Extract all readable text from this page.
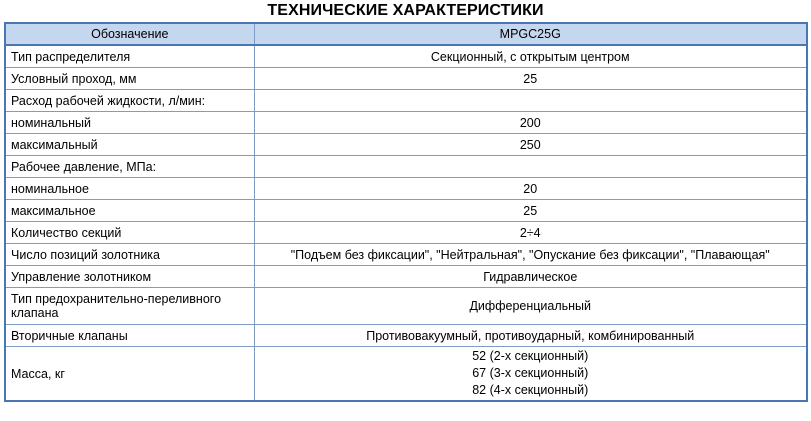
ТЕХНИЧЕСКИЕ ХАРАКТЕРИСТИКИ
Обозначение	MPGC25G
Тип распределителя	Секционный, с открытым центром
Условный проход, мм	25
Расход рабочей жидкости, л/мин:	
номинальный	200
максимальный	250
Рабочее давление, МПа:	
номинальное	20
максимальное	25
Количество секций	2÷4
Число позиций золотника	"Подъем без фиксации", "Нейтральная", "Опускание без фиксации", "Плавающая"
Управление золотником	Гидравлическое
Тип предохранительно-переливного клапана	Дифференциальный
Вторичные клапаны	Противовакуумный, противоударный, комбинированный
Масса, кг	52 (2-х секционный)
67 (3-х секционный)
82 (4-х секционный)
